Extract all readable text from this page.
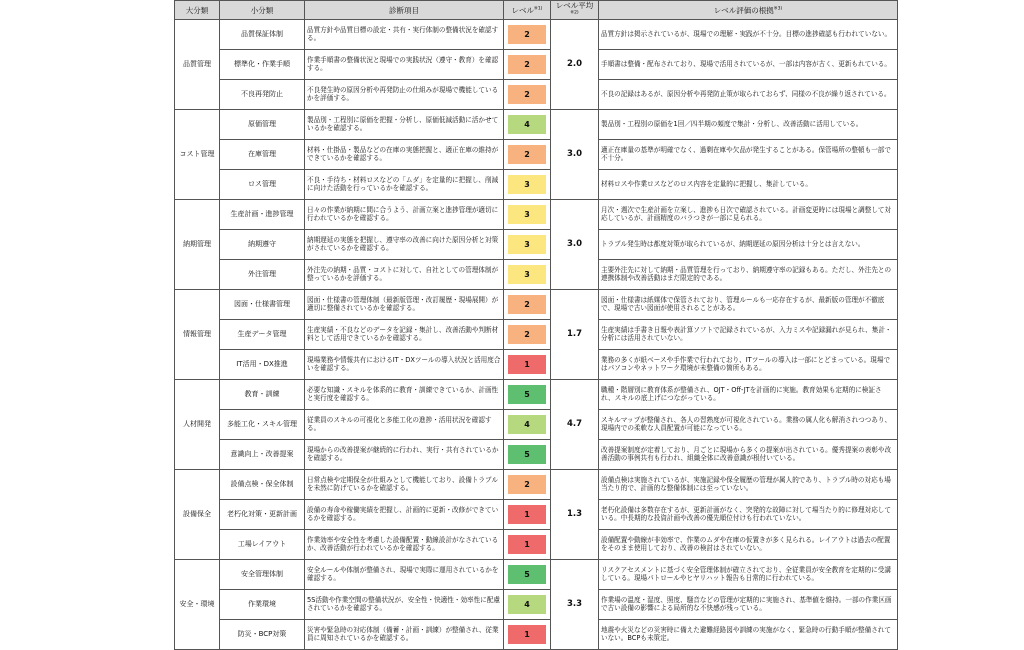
大分類	小分類	診断項目	レベル$^{※1)}$	レベル平均$^{※2)}$	レベル評価の根拠$^{※3)}$
品質管理	品質保証体制	品質方針や品質目標の設定・共有・実行体制の整備状況を確認する。	2	2.0	品質方針は掲示されているが、現場での理解・実践が不十分。目標の進捗確認も行われていない。
	標準化・作業手順	作業手順書の整備状況と現場での実践状況（遵守・教育）を確認する。	2		手順書は整備・配布されており、現場で活用されているが、一部は内容が古く、更新もれている。
	不良再発防止	不良発生時の原因分析や再発防止の仕組みが現場で機能しているかを評価する。	2		不良の記録はあるが、原因分析や再発防止策が取られておらず、同様の不良が繰り返されている。
コスト管理	原価管理	製品別・工程別に原価を把握・分析し、原価低減活動に活かせているかを確認する。	4	3.0	製品別・工程別の原価を1回／四半期の頻度で集計・分析し、改善活動に活用している。
	在庫管理	材料・仕掛品・製品などの在庫の実態把握と、適正在庫の維持ができているかを確認する。	2		適正在庫量の基準が明確でなく、過剰在庫や欠品が発生することがある。保管場所の整頓も一部で不十分。
	ロス管理	不良・手待ち・材料ロスなどの「ムダ」を定量的に把握し、削減に向けた活動を行っているかを確認する。	3		材料ロスや作業ロスなどのロス内容を定量的に把握し、集計している。
納期管理	生産計画・進捗管理	日々の作業が納期に間に合うよう、計画立案と進捗管理が適切に行われているかを確認する。	3	3.0	月次・週次で生産計画を立案し、進捗も日次で確認されている。計画変更時には現場と調整して対応しているが、計画精度のバラつきが一部に見られる。
	納期遵守	納期遅延の実態を把握し、遵守率の改善に向けた原因分析と対策がされているかを確認する。	3		トラブル発生時は都度対策が取られているが、納期遅延の原因分析は十分とは言えない。
	外注管理	外注先の納期・品質・コストに対して、自社としての管理体制が整っているかを評価する。	3		主要外注先に対して納期・品質管理を行っており、納期遵守率の記録もある。ただし、外注先との連携体制や改善活動はまだ限定的である。
情報管理	図面・仕様書管理	図面・仕様書の管理体制（最新版管理・改訂履歴・現場展開）が適切に整備されているかを確認する。	2	1.7	図面・仕様書は紙媒体で保管されており、管理ルールも一応存在するが、最新版の管理が不徹底で、現場で古い図面が使用されることがある。
	生産データ管理	生産実績・不良などのデータを記録・集計し、改善活動や判断材料として活用できているかを確認する。	2		生産実績は手書き日報や表計算ソフトで記録されているが、入力ミスや記録漏れが見られ、集計・分析には活用されていない。
	IT活用・DX推進	現場業務や情報共有におけるIT・DXツールの導入状況と活用度合いを確認する。	1		業務の多くが紙ベースや手作業で行われており、ITツールの導入は一部にとどまっている。現場ではパソコンやネットワーク環境が未整備の箇所もある。
人材開発	教育・訓練	必要な知識・スキルを体系的に教育・訓練できているか、計画性と実行度を確認する。	5	4.7	職種・階層別に教育体系が整備され、OJT・Off-JTを計画的に実施。教育効果も定期的に検証され、スキルの底上げにつながっている。
	多能工化・スキル管理	従業員のスキルの可視化と多能工化の進捗・活用状況を確認する。	4		スキルマップが整備され、各人の習熟度が可視化されている。業務の属人化も解消されつつあり、現場内での柔軟な人員配置が可能になっている。
	意識向上・改善提案	現場からの改善提案が継続的に行われ、実行・共有されているかを確認する。	5		改善提案制度が定着しており、月ごとに現場から多くの提案が出されている。優秀提案の表彰や改善活動の事例共有も行われ、組織全体に改善意識が根付いている。
設備保全	設備点検・保全体制	日常点検や定期保全が仕組みとして機能しており、設備トラブルを未然に防げているかを確認する。	2	1.3	設備点検は実施されているが、実施記録や保全履歴の管理が属人的であり、トラブル時の対応も場当たり的で、計画的な整備体制には至っていない。
	老朽化対策・更新計画	設備の寿命や稼働実績を把握し、計画的に更新・改修ができているかを確認する。	1		老朽化設備は多数存在するが、更新計画がなく、突発的な故障に対して場当たり的に修理対応している。中長期的な投資計画や改善の優先順位付けも行われていない。
	工場レイアウト	作業効率や安全性を考慮した設備配置・動線設計がなされているか、改善活動が行われているかを確認する。	1		設備配置や動線が非効率で、作業のムダや在庫の仮置きが多く見られる。レイアウトは過去の配置をそのまま使用しており、改善の検討はされていない。
安全・環境	安全管理体制	安全ルールや体制が整備され、現場で実際に運用されているかを確認する。	5	3.3	リスクアセスメントに基づく安全管理体制が確立されており、全従業員が安全教育を定期的に受講している。現場パトロールやヒヤリハット報告も日常的に行われている。
	作業環境	5S活動や作業空間の整備状況が、安全性・快適性・効率性に配慮されているかを確認する。	4		作業場の温度・湿度、照度、騒音などの管理が定期的に実施され、基準値を維持。一部の作業区画で古い設備の影響による局所的な不快感が残っている。
	防災・BCP対策	災害や緊急時の対応体制（備蓄・計画・訓練）が整備され、従業員に周知されているかを確認する。	1		地震や火災などの災害時に備えた避難経路図や訓練の実施がなく、緊急時の行動手順が整備されていない。BCPも未策定。
